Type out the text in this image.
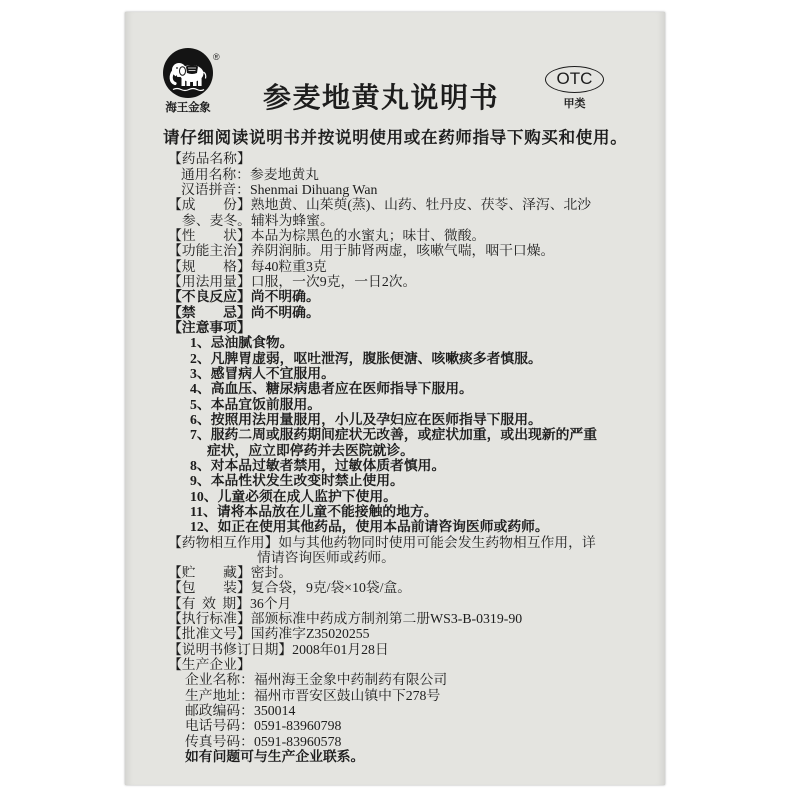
®
海王金象 参麦地黄丸说明书
OTC
甲类
请仔细阅读说明书并按说明使用或在药师指导下购买和使用。
【药品名称】
通用名称：参麦地黄丸
汉语拼音：Shenmai Dihuang Wan
【成　　份】熟地黄、山茱萸(蒸)、山药、牡丹皮、茯苓、泽泻、北沙
参、麦冬。辅料为蜂蜜。
【性　　状】本品为棕黑色的水蜜丸；味甘、微酸。
【功能主治】养阴润肺。用于肺肾两虚，咳嗽气喘，咽干口燥。
【规　　格】每40粒重3克
【用法用量】口服，一次9克，一日2次。
【不良反应】尚不明确。
【禁　　忌】尚不明确。
【注意事项】
1、忌油腻食物。
2、凡脾胃虚弱，呕吐泄泻，腹胀便溏、咳嗽痰多者慎服。
3、感冒病人不宜服用。
4、高血压、糖尿病患者应在医师指导下服用。
5、本品宜饭前服用。
6、按照用法用量服用，小儿及孕妇应在医师指导下服用。
7、服药二周或服药期间症状无改善，或症状加重，或出现新的严重
症状，应立即停药并去医院就诊。
8、对本品过敏者禁用，过敏体质者慎用。
9、本品性状发生改变时禁止使用。
10、儿童必须在成人监护下使用。
11、请将本品放在儿童不能接触的地方。
12、如正在使用其他药品，使用本品前请咨询医师或药师。
【药物相互作用】如与其他药物同时使用可能会发生药物相互作用，详
情请咨询医师或药师。
【贮　　藏】密封。
【包　　装】复合袋，9克/袋×10袋/盒。
【有 效 期】36个月
【执行标准】部颁标准中药成方制剂第二册WS3-B-0319-90
【批准文号】国药准字Z35020255
【说明书修订日期】2008年01月28日
【生产企业】
企业名称：福州海王金象中药制药有限公司
生产地址：福州市晋安区鼓山镇中下278号
邮政编码：350014
电话号码：0591-83960798
传真号码：0591-83960578
如有问题可与生产企业联系。
